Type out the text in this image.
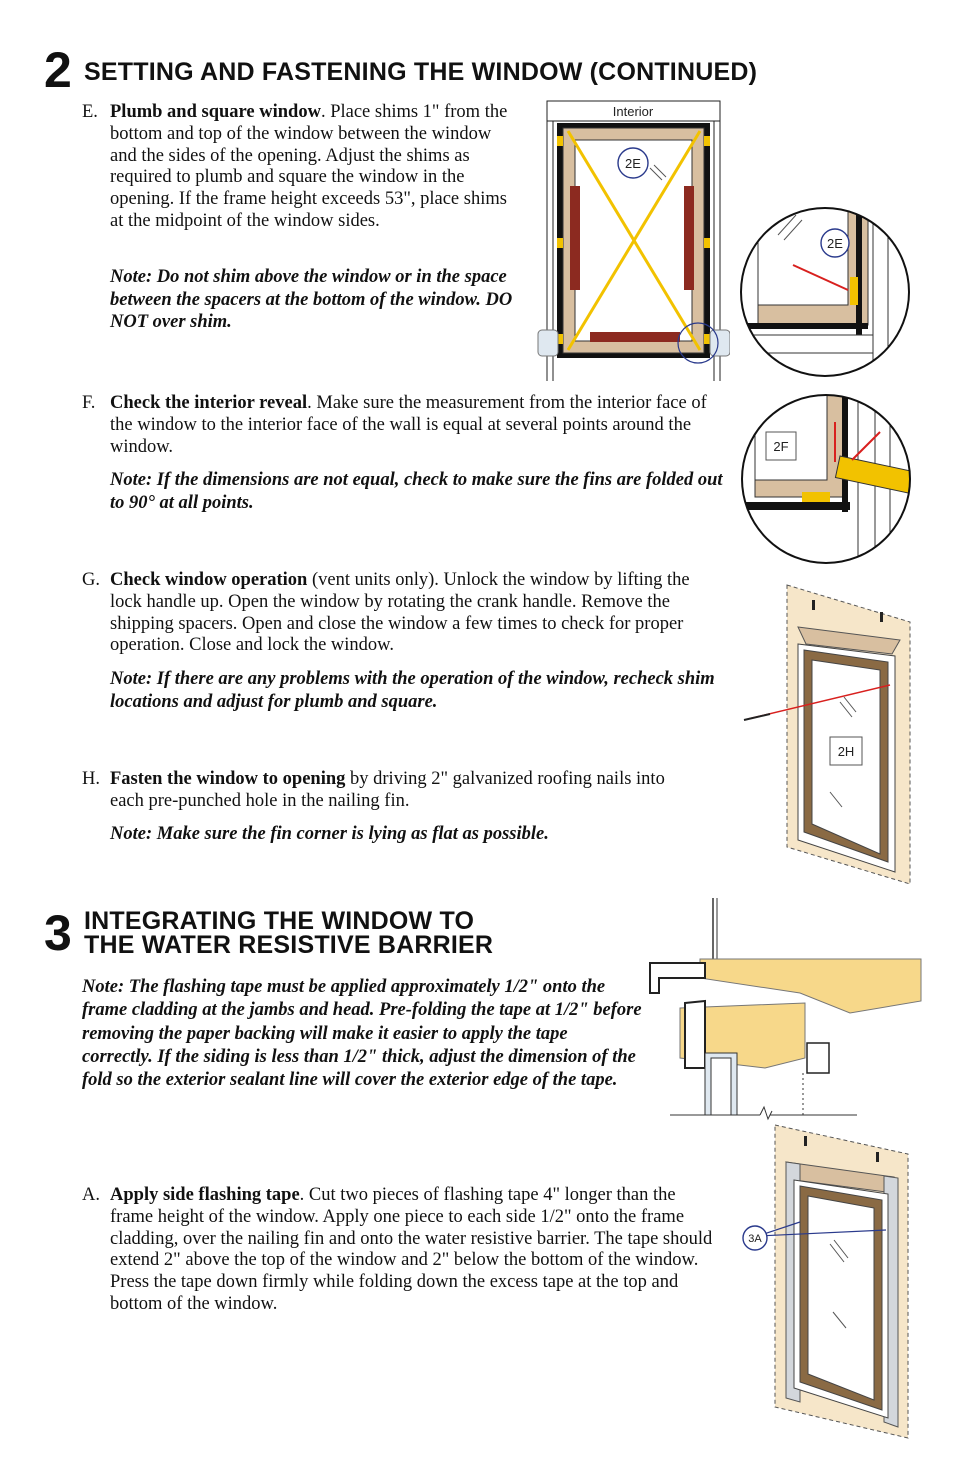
2 SETTING AND FASTENING THE WINDOW (CONTINUED)
E. Plumb and square window. Place shims 1" from the bottom and top of the window between the window and the sides of the opening. Adjust the shims as required to plumb and square the window in the opening. If the frame height exceeds 53", place shims at the midpoint of the window sides.
Note: Do not shim above the window or in the space between the spacers at the bottom of the window. DO NOT over shim.
F. Check the interior reveal. Make sure the measurement from the interior face of the window to the interior face of the wall is equal at several points around the window.
Note: If the dimensions are not equal, check to make sure the fins are folded out to 90° at all points.
G. Check window operation (vent units only). Unlock the window by lifting the lock handle up. Open the window by rotating the crank handle. Remove the shipping spacers. Open and close the window a few times to check for proper operation. Close and lock the window.
Note: If there are any problems with the operation of the window, recheck shim locations and adjust for plumb and square.
H. Fasten the window to opening by driving 2" galvanized roofing nails into each pre-punched hole in the nailing fin.
Note: Make sure the fin corner is lying as flat as possible.
3 INTEGRATING THE WINDOW TO
THE WATER RESISTIVE BARRIER
Note: The flashing tape must be applied approximately 1/2" onto the frame cladding at the jambs and head. Pre-folding the tape at 1/2" before removing the paper backing will make it easier to apply the tape correctly. If the siding is less than 1/2" thick, adjust the dimension of the fold so the exterior sealant line will cover the exterior edge of the tape.
A. Apply side flashing tape. Cut two pieces of flashing tape 4" longer than the frame height of the window. Apply one piece to each side 1/2" onto the frame cladding, over the nailing fin and onto the water resistive barrier. The tape should extend 2" above the top of the window and 2" below the bottom of the window. Press the tape down firmly while folding down the excess tape at the top and bottom of the window.
2E
Interior
2E
2F
2H
3A
